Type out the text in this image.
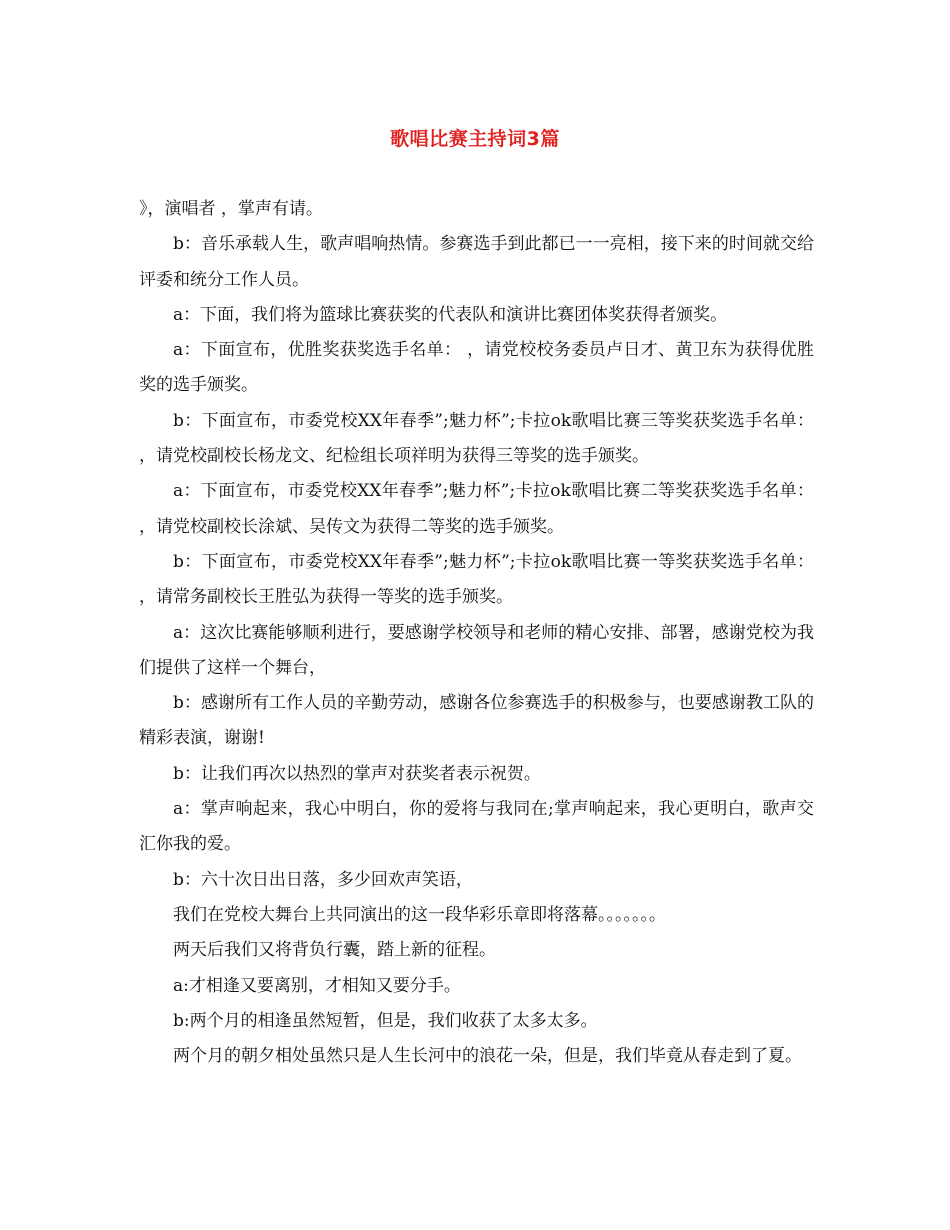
歌唱比赛主持词3篇

》，演唱者 ，掌声有请。

b：音乐承载人生，歌声唱响热情。参赛选手到此都已一一亮相，接下来的时间就交给评委和统分工作人员。

a：下面，我们将为篮球比赛获奖的代表队和演讲比赛团体奖获得者颁奖。

a：下面宣布，优胜奖获奖选手名单： ，请党校校务委员卢日才、黄卫东为获得优胜奖的选手颁奖。

b：下面宣布，市委党校XX年春季”;魅力杯”;卡拉ok歌唱比赛三等奖获奖选手名单： ，请党校副校长杨龙文、纪检组长项祥明为获得三等奖的选手颁奖。

a：下面宣布，市委党校XX年春季”;魅力杯”;卡拉ok歌唱比赛二等奖获奖选手名单： ，请党校副校长涂斌、吴传文为获得二等奖的选手颁奖。

b：下面宣布，市委党校XX年春季”;魅力杯”;卡拉ok歌唱比赛一等奖获奖选手名单： ，请常务副校长王胜弘为获得一等奖的选手颁奖。

a：这次比赛能够顺利进行，要感谢学校领导和老师的精心安排、部署，感谢党校为我们提供了这样一个舞台，

b：感谢所有工作人员的辛勤劳动，感谢各位参赛选手的积极参与，也要感谢教工队的精彩表演，谢谢!

b：让我们再次以热烈的掌声对获奖者表示祝贺。

a：掌声响起来，我心中明白，你的爱将与我同在;掌声响起来，我心更明白，歌声交汇你我的爱。

b：六十次日出日落，多少回欢声笑语，

我们在党校大舞台上共同演出的这一段华彩乐章即将落幕。。。。。。。

两天后我们又将背负行囊，踏上新的征程。

a:才相逢又要离别，才相知又要分手。

b:两个月的相逢虽然短暂，但是，我们收获了太多太多。

两个月的朝夕相处虽然只是人生长河中的浪花一朵，但是，我们毕竟从春走到了夏。
